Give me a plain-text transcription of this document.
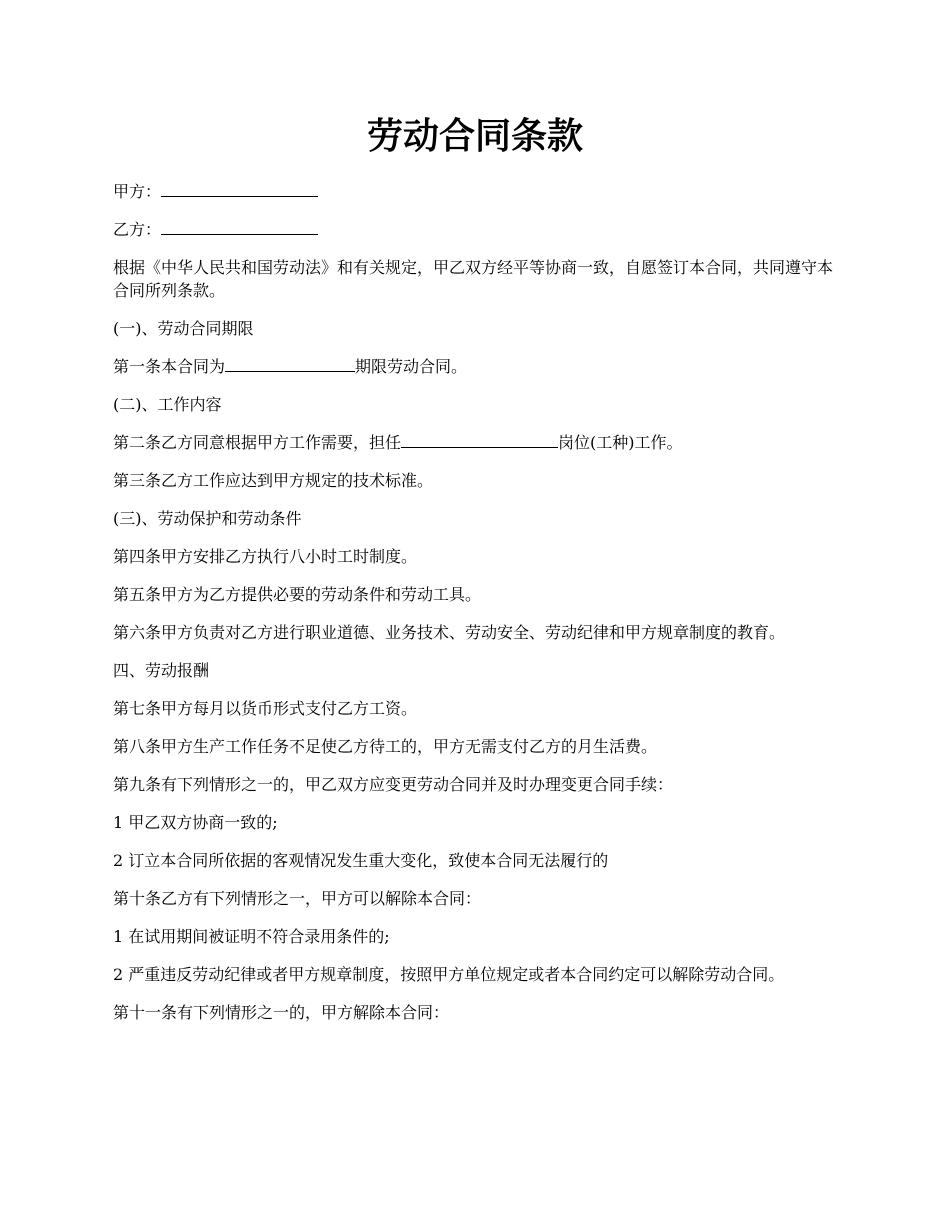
劳动合同条款

甲方：

乙方：

根据《中华人民共和国劳动法》和有关规定，甲乙双方经平等协商一致，自愿签订本合同，共同遵守本合同所列条款。

(一)、劳动合同期限

第一条本合同为	期限劳动合同。

(二)、工作内容

第二条乙方同意根据甲方工作需要，担任	岗位(工种)工作。

第三条乙方工作应达到甲方规定的技术标准。

(三)、劳动保护和劳动条件

第四条甲方安排乙方执行八小时工时制度。

第五条甲方为乙方提供必要的劳动条件和劳动工具。

第六条甲方负责对乙方进行职业道德、业务技术、劳动安全、劳动纪律和甲方规章制度的教育。

四、劳动报酬

第七条甲方每月以货币形式支付乙方工资。

第八条甲方生产工作任务不足使乙方待工的，甲方无需支付乙方的月生活费。

第九条有下列情形之一的，甲乙双方应变更劳动合同并及时办理变更合同手续：

1 甲乙双方协商一致的;

2 订立本合同所依据的客观情况发生重大变化，致使本合同无法履行的

第十条乙方有下列情形之一，甲方可以解除本合同：

1 在试用期间被证明不符合录用条件的;

2 严重违反劳动纪律或者甲方规章制度，按照甲方单位规定或者本合同约定可以解除劳动合同。

第十一条有下列情形之一的，甲方解除本合同：
